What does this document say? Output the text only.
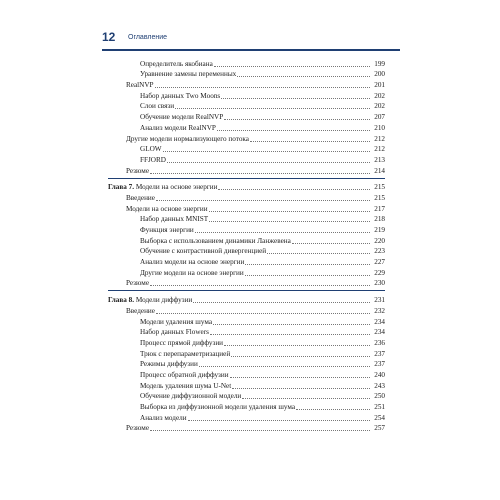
12 Оглавление
Определитель якобиана	199
Уравнение замены переменных	200
RealNVP	201
Набор данных Two Moons	202
Слои связи	202
Обучение модели RealNVP	207
Анализ модели RealNVP	210
Другие модели нормализующего потока	212
GLOW	212
FFJORD	213
Резюме	214
Глава 7. Модели на основе энергии	215
Введение	215
Модели на основе энергии	217
Набор данных MNIST	218
Функция энергии	219
Выборка с использованием динамики Ланжевена	220
Обучение с контрастивной дивергенцией	223
Анализ модели на основе энергии	227
Другие модели на основе энергии	229
Резюме	230
Глава 8. Модели диффузии	231
Введение	232
Модели удаления шума	234
Набор данных Flowers	234
Процесс прямой диффузии	236
Трюк с перепараметризацией	237
Режимы диффузии	237
Процесс обратной диффузии	240
Модель удаления шума U-Net	243
Обучение диффузионной модели	250
Выборка из диффузионной модели удаления шума	251
Анализ модели	254
Резюме	257
